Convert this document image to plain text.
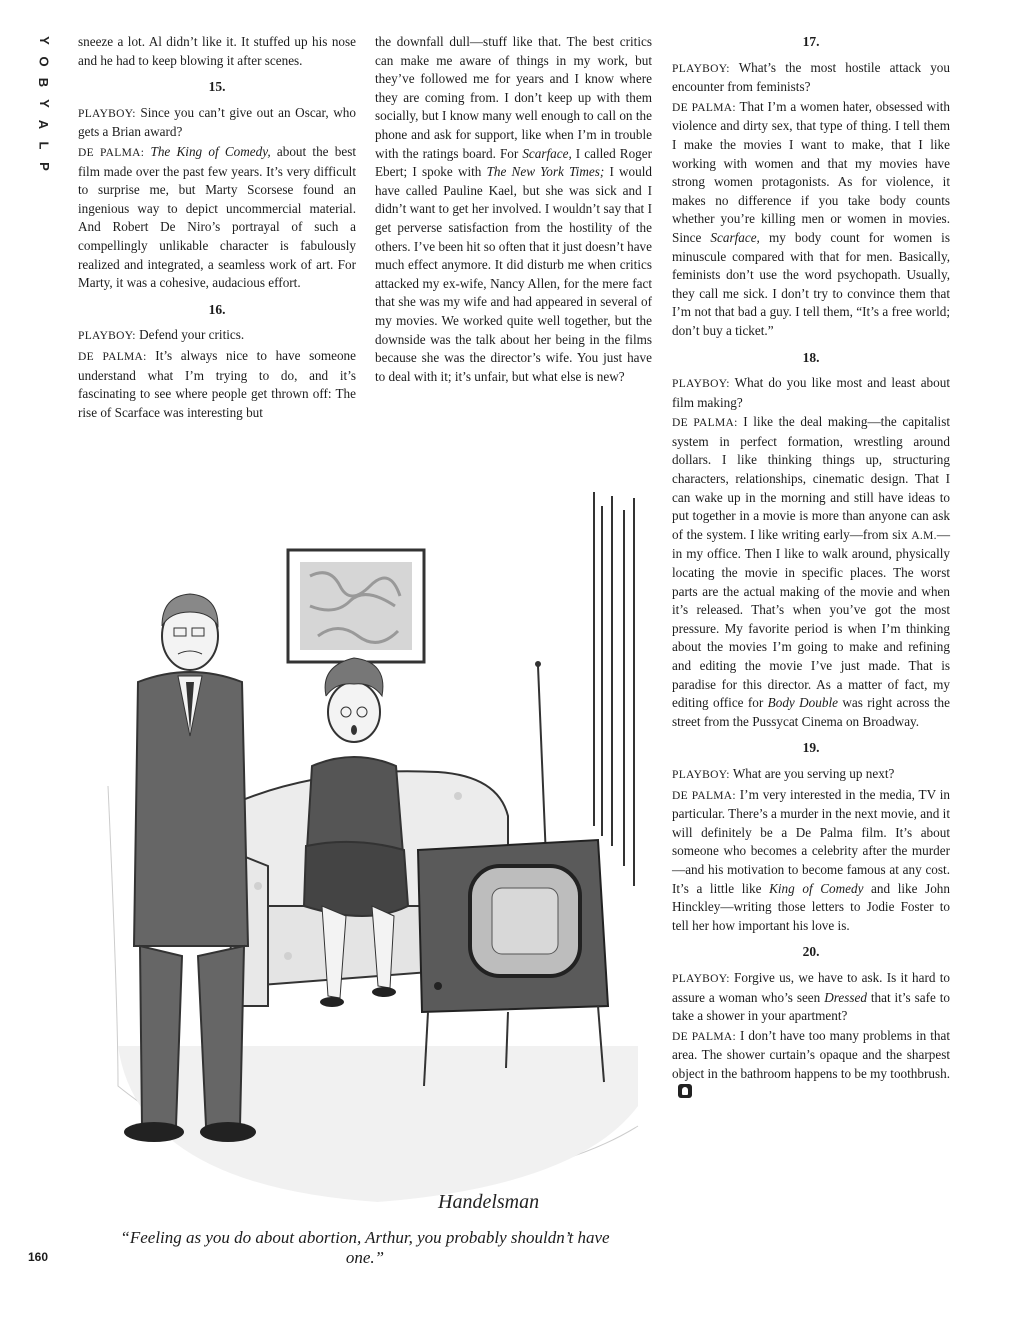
Y
O
B
Y
A
L
P

sneeze a lot. Al didn’t like it. It stuffed up his nose and he had to keep blowing it after scenes.

15.

PLAYBOY: Since you can’t give out an Oscar, who gets a Brian award?

DE PALMA: The King of Comedy, about the best film made over the past few years. It’s very difficult to surprise me, but Marty Scorsese found an ingenious way to depict uncommercial material. And Robert De Niro’s portrayal of such a compellingly unlikable character is fabulously realized and integrated, a seamless work of art. For Marty, it was a cohesive, audacious effort.

16.

PLAYBOY: Defend your critics.

DE PALMA: It’s always nice to have someone understand what I’m trying to do, and it’s fascinating to see where people get thrown off: The rise of Scarface was interesting but

the downfall dull—stuff like that. The best critics can make me aware of things in my work, but they’ve followed me for years and I know where they are coming from. I don’t keep up with them socially, but I know many well enough to call on the phone and ask for support, like when I’m in trouble with the ratings board. For Scarface, I called Roger Ebert; I spoke with The New York Times; I would have called Pauline Kael, but she was sick and I didn’t want to get her involved. I wouldn’t say that I get perverse satisfaction from the hostility of the others. I’ve been hit so often that it just doesn’t have much effect anymore. It did disturb me when critics attacked my ex-wife, Nancy Allen, for the mere fact that she was my wife and had appeared in several of my movies. We worked quite well together, but the downside was the talk about her being in the films because she was the director’s wife. You just have to deal with it; it’s unfair, but what else is new?

17.

PLAYBOY: What’s the most hostile attack you encounter from feminists?

DE PALMA: That I’m a women hater, obsessed with violence and dirty sex, that type of thing. I tell them I make the movies I want to make, that I like working with women and that my movies have strong women protagonists. As for violence, it makes no difference if you take body counts whether you’re killing men or women in movies. Since Scarface, my body count for women is minuscule compared with that for men. Basically, feminists don’t use the word psychopath. Usually, they call me sick. I don’t try to convince them that I’m not that bad a guy. I tell them, “It’s a free world; don’t buy a ticket.”

18.

PLAYBOY: What do you like most and least about film making?

DE PALMA: I like the deal making—the capitalist system in perfect formation, wrestling around dollars. I like thinking things up, structuring characters, relationships, cinematic design. That I can wake up in the morning and still have ideas to put together in a movie is more than anyone can ask of the system. I like writing early—from six A.M.—in my office. Then I like to walk around, physically locating the movie in specific places. The worst parts are the actual making of the movie and when it’s released. That’s when you’ve got the most pressure. My favorite period is when I’m thinking about the movies I’m going to make and refining and editing the movie I’ve just made. That is paradise for this director. As a matter of fact, my editing office for Body Double was right across the street from the Pussycat Cinema on Broadway.

19.

PLAYBOY: What are you serving up next?

DE PALMA: I’m very interested in the media, TV in particular. There’s a murder in the next movie, and it will definitely be a De Palma film. It’s about someone who becomes a celebrity after the murder—and his motivation to become famous at any cost. It’s a little like King of Comedy and like John Hinckley—writing those letters to Jodie Foster to tell her how important his love is.

20.

PLAYBOY: Forgive us, we have to ask. Is it hard to assure a woman who’s seen Dressed that it’s safe to take a shower in your apartment?

DE PALMA: I don’t have too many problems in that area. The shower curtain’s opaque and the sharpest object in the bathroom happens to be my toothbrush.

Handelsman
“Feeling as you do about abortion, Arthur, you probably shouldn’t have one.”
160
